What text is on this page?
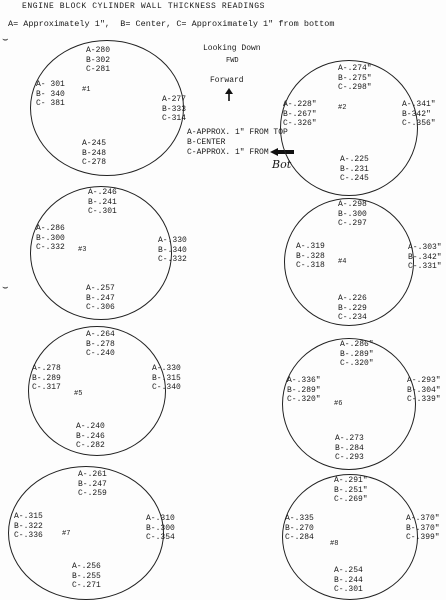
ENGINE BLOCK CYLINDER WALL THICKNESS READINGS
A= Approximately 1",  B= Center, C= Approximately 1" from bottom
⌣
⌣
Looking Down
FWD
Forward
A-APPROX. 1" FROM TOP
B-CENTER
C-APPROX. 1" FROM
Bot
A-280
B-302
C-281
A- 301
B- 340
C- 381	A-277
B-333
C-314
A-245
B-248
C-278
#1
A-.274"
B-.275"
C-.298"
A-.228"
B-.267"
C-.326"
A-.341"
B-342"
C-.356"
A-.225
B-.231
C-.245
#2
A-.246
B-.241
C-.301
A-.286
B-.300
C-.332
A-.330
B-.340
C-.332
A-.257
B-.247
C-.306
#3
A-.298
B-.300
C-.297
A-.319
B-.328
C-.318
A-.303"
B-.342"
C-.331"
A-.226
B-.229
C-.234
#4
A-.264
B-.278
C-.240
A-.278
B-.289
C-.317
A-.330
B-.315
C-.340
A-.240
B-.246
C-.282
#5
A-.286"
B-.289"
C-.320"
A-.336"
B-.289"
C-.320"
A-.293"
B-.304"
C-.339"
A-.273
B-.284
C-.293
#6
A-.261
B-.247
C-.259
A-.315
B-.322
C-.336
A-.310
B-.300
C-.354
A-.256
B-.255
C-.271
#7
A-.291"
B-.251"
C-.269"
A-.335
B-.270
C-.284
A-.370"
B-.370"
C-.399"
A-.254
B-.244
C-.301
#8
